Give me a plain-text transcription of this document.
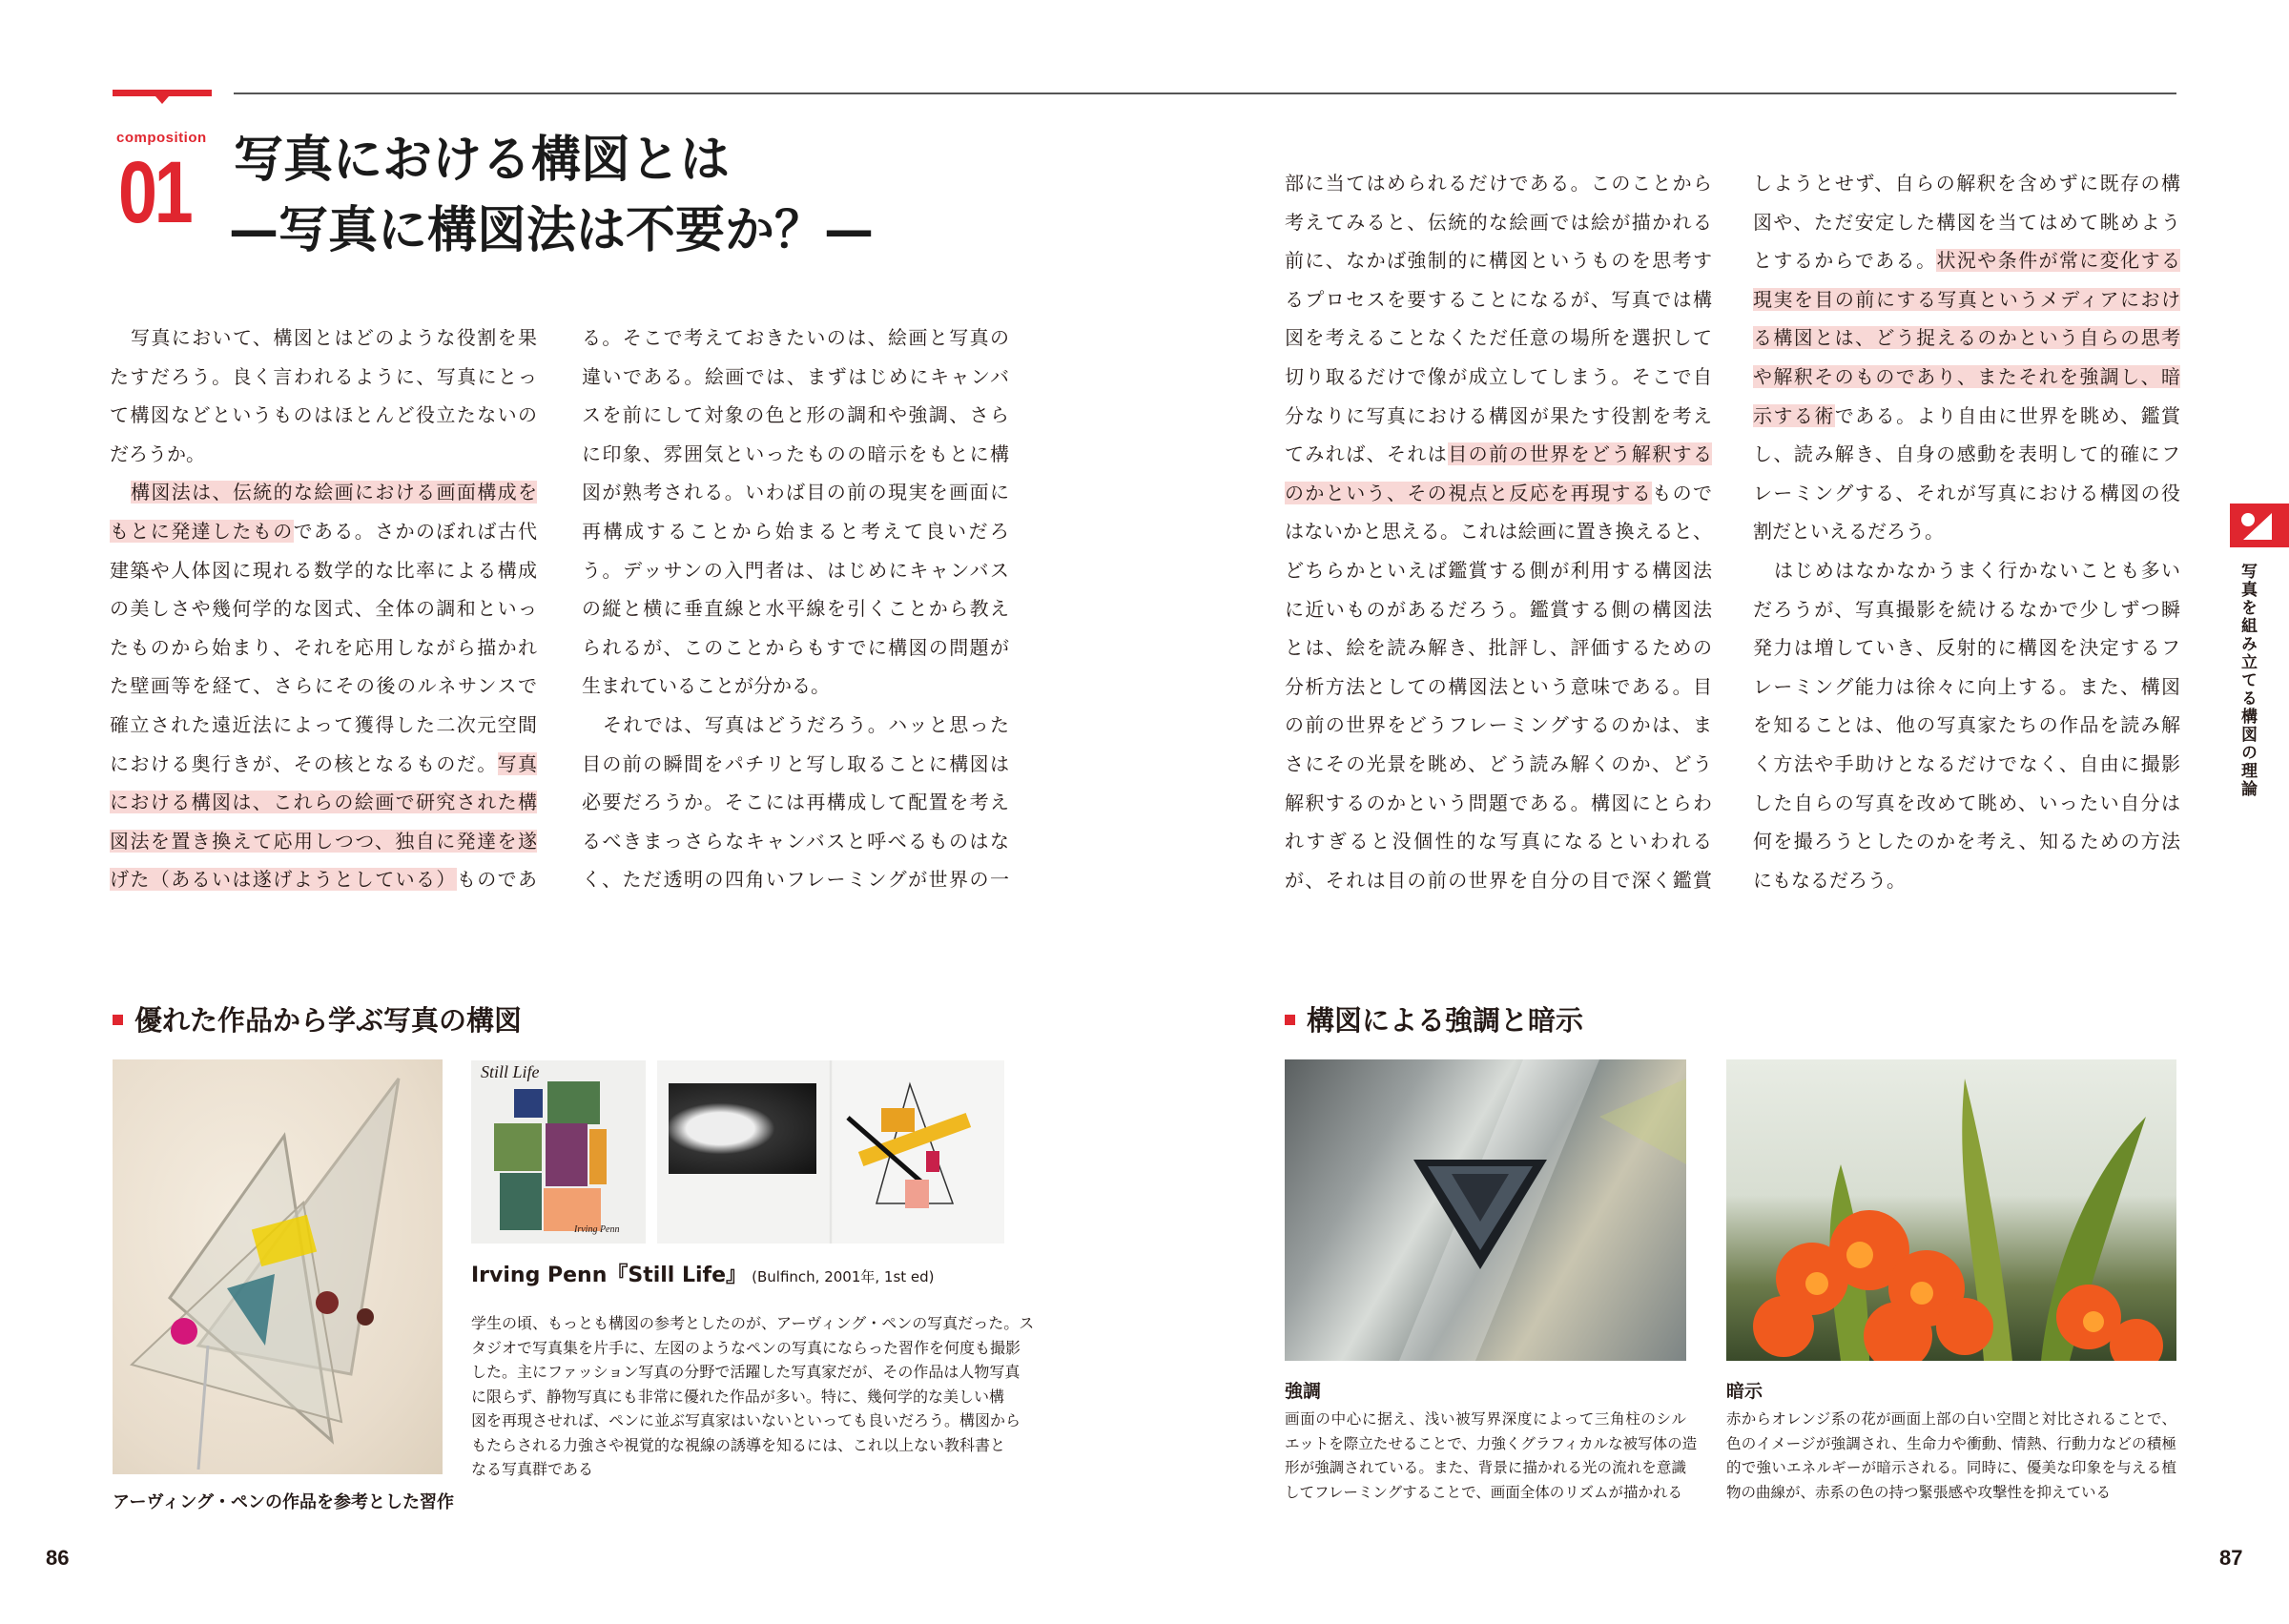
composition
01 写真における構図とは
—写真に構図法は不要か？—
写真において、構図とはどのような役割を果
たすだろう。良く言われるように、写真にとっ
て構図などというものはほとんど役立たないの
だろうか。
構図法は、伝統的な絵画における画面構成を
もとに発達したものである。さかのぼれば古代
建築や人体図に現れる数学的な比率による構成
の美しさや幾何学的な図式、全体の調和といっ
たものから始まり、それを応用しながら描かれ
た壁画等を経て、さらにその後のルネサンスで
確立された遠近法によって獲得した二次元空間
における奥行きが、その核となるものだ。写真
における構図は、これらの絵画で研究された構
図法を置き換えて応用しつつ、独自に発達を遂
げた（あるいは遂げようとしている）ものであ
る。そこで考えておきたいのは、絵画と写真の
違いである。絵画では、まずはじめにキャンバ
スを前にして対象の色と形の調和や強調、さら
に印象、雰囲気といったものの暗示をもとに構
図が熟考される。いわば目の前の現実を画面に
再構成することから始まると考えて良いだろ
う。デッサンの入門者は、はじめにキャンバス
の縦と横に垂直線と水平線を引くことから教え
られるが、このことからもすでに構図の問題が
生まれていることが分かる。
それでは、写真はどうだろう。ハッと思った
目の前の瞬間をパチリと写し取ることに構図は
必要だろうか。そこには再構成して配置を考え
るべきまっさらなキャンバスと呼べるものはな
く、ただ透明の四角いフレーミングが世界の一
部に当てはめられるだけである。このことから
考えてみると、伝統的な絵画では絵が描かれる
前に、なかば強制的に構図というものを思考す
るプロセスを要することになるが、写真では構
図を考えることなくただ任意の場所を選択して
切り取るだけで像が成立してしまう。そこで自
分なりに写真における構図が果たす役割を考え
てみれば、それは目の前の世界をどう解釈する
のかという、その視点と反応を再現するもので
はないかと思える。これは絵画に置き換えると、
どちらかといえば鑑賞する側が利用する構図法
に近いものがあるだろう。鑑賞する側の構図法
とは、絵を読み解き、批評し、評価するための
分析方法としての構図法という意味である。目
の前の世界をどうフレーミングするのかは、ま
さにその光景を眺め、どう読み解くのか、どう
解釈するのかという問題である。構図にとらわ
れすぎると没個性的な写真になるといわれる
が、それは目の前の世界を自分の目で深く鑑賞
しようとせず、自らの解釈を含めずに既存の構
図や、ただ安定した構図を当てはめて眺めよう
とするからである。状況や条件が常に変化する
現実を目の前にする写真というメディアにおけ
る構図とは、どう捉えるのかという自らの思考
や解釈そのものであり、またそれを強調し、暗
示する術である。より自由に世界を眺め、鑑賞
し、読み解き、自身の感動を表明して的確にフ
レーミングする、それが写真における構図の役
割だといえるだろう。
はじめはなかなかうまく行かないことも多い
だろうが、写真撮影を続けるなかで少しずつ瞬
発力は増していき、反射的に構図を決定するフ
レーミング能力は徐々に向上する。また、構図
を知ることは、他の写真家たちの作品を読み解
く方法や手助けとなるだけでなく、自由に撮影
した自らの写真を改めて眺め、いったい自分は
何を撮ろうとしたのかを考え、知るための方法
にもなるだろう。
写真を組み立てる構図の理論
優れた作品から学ぶ写真の構図
アーヴィング・ペンの作品を参考とした習作
Still Life
Irving Penn
Irving Penn『Still Life』 (Bulfinch, 2001年, 1st ed)
学生の頃、もっとも構図の参考としたのが、アーヴィング・ペンの写真だった。ス
タジオで写真集を片手に、左図のようなペンの写真にならった習作を何度も撮影
した。主にファッション写真の分野で活躍した写真家だが、その作品は人物写真
に限らず、静物写真にも非常に優れた作品が多い。特に、幾何学的な美しい構
図を再現させれば、ペンに並ぶ写真家はいないといっても良いだろう。構図から
もたらされる力強さや視覚的な視線の誘導を知るには、これ以上ない教科書と
なる写真群である
構図による強調と暗示
強調
画面の中心に据え、浅い被写界深度によって三角柱のシル
エットを際立たせることで、力強くグラフィカルな被写体の造
形が強調されている。また、背景に描かれる光の流れを意識
してフレーミングすることで、画面全体のリズムが描かれる
暗示
赤からオレンジ系の花が画面上部の白い空間と対比されることで、
色のイメージが強調され、生命力や衝動、情熱、行動力などの積極
的で強いエネルギーが暗示される。同時に、優美な印象を与える植
物の曲線が、赤系の色の持つ緊張感や攻撃性を抑えている
86	87
